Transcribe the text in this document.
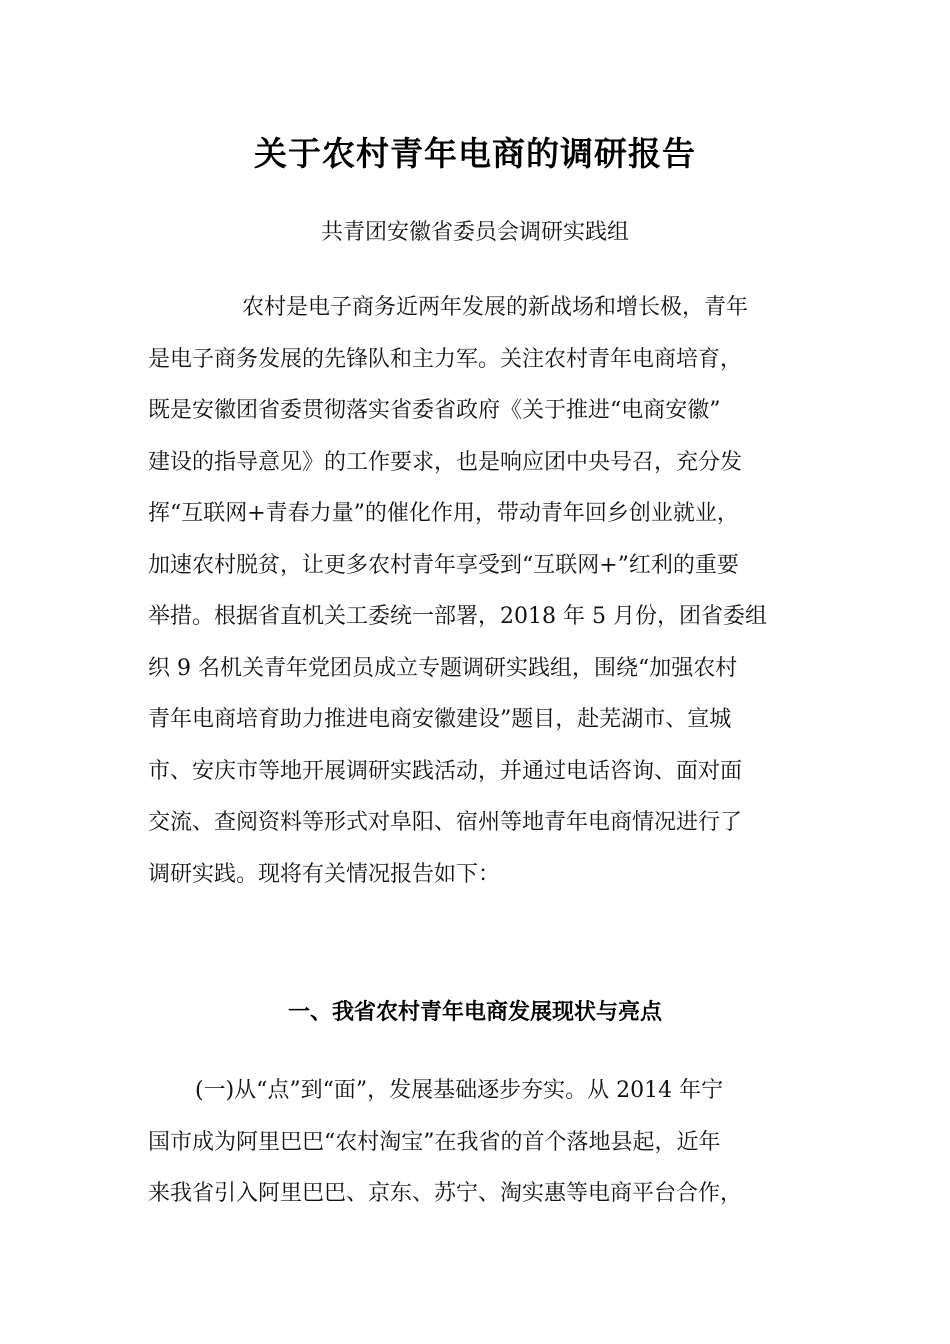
关于农村青年电商的调研报告
共青团安徽省委员会调研实践组
农村是电子商务近两年发展的新战场和增长极，青年
是电子商务发展的先锋队和主力军。关注农村青年电商培育，
既是安徽团省委贯彻落实省委省政府《关于推进“电商安徽”
建设的指导意见》的工作要求，也是响应团中央号召，充分发
挥“互联网+青春力量”的催化作用，带动青年回乡创业就业，
加速农村脱贫，让更多农村青年享受到“互联网+”红利的重要
举措。根据省直机关工委统一部署，2018 年 5 月份，团省委组
织 9 名机关青年党团员成立专题调研实践组，围绕“加强农村
青年电商培育助力推进电商安徽建设”题目，赴芜湖市、宣城
市、安庆市等地开展调研实践活动，并通过电话咨询、面对面
交流、查阅资料等形式对阜阳、宿州等地青年电商情况进行了
调研实践。现将有关情况报告如下：
一、我省农村青年电商发展现状与亮点
(一)从“点”到“面”，发展基础逐步夯实。从 2014 年宁
国市成为阿里巴巴“农村淘宝”在我省的首个落地县起，近年
来我省引入阿里巴巴、京东、苏宁、淘实惠等电商平台合作，
